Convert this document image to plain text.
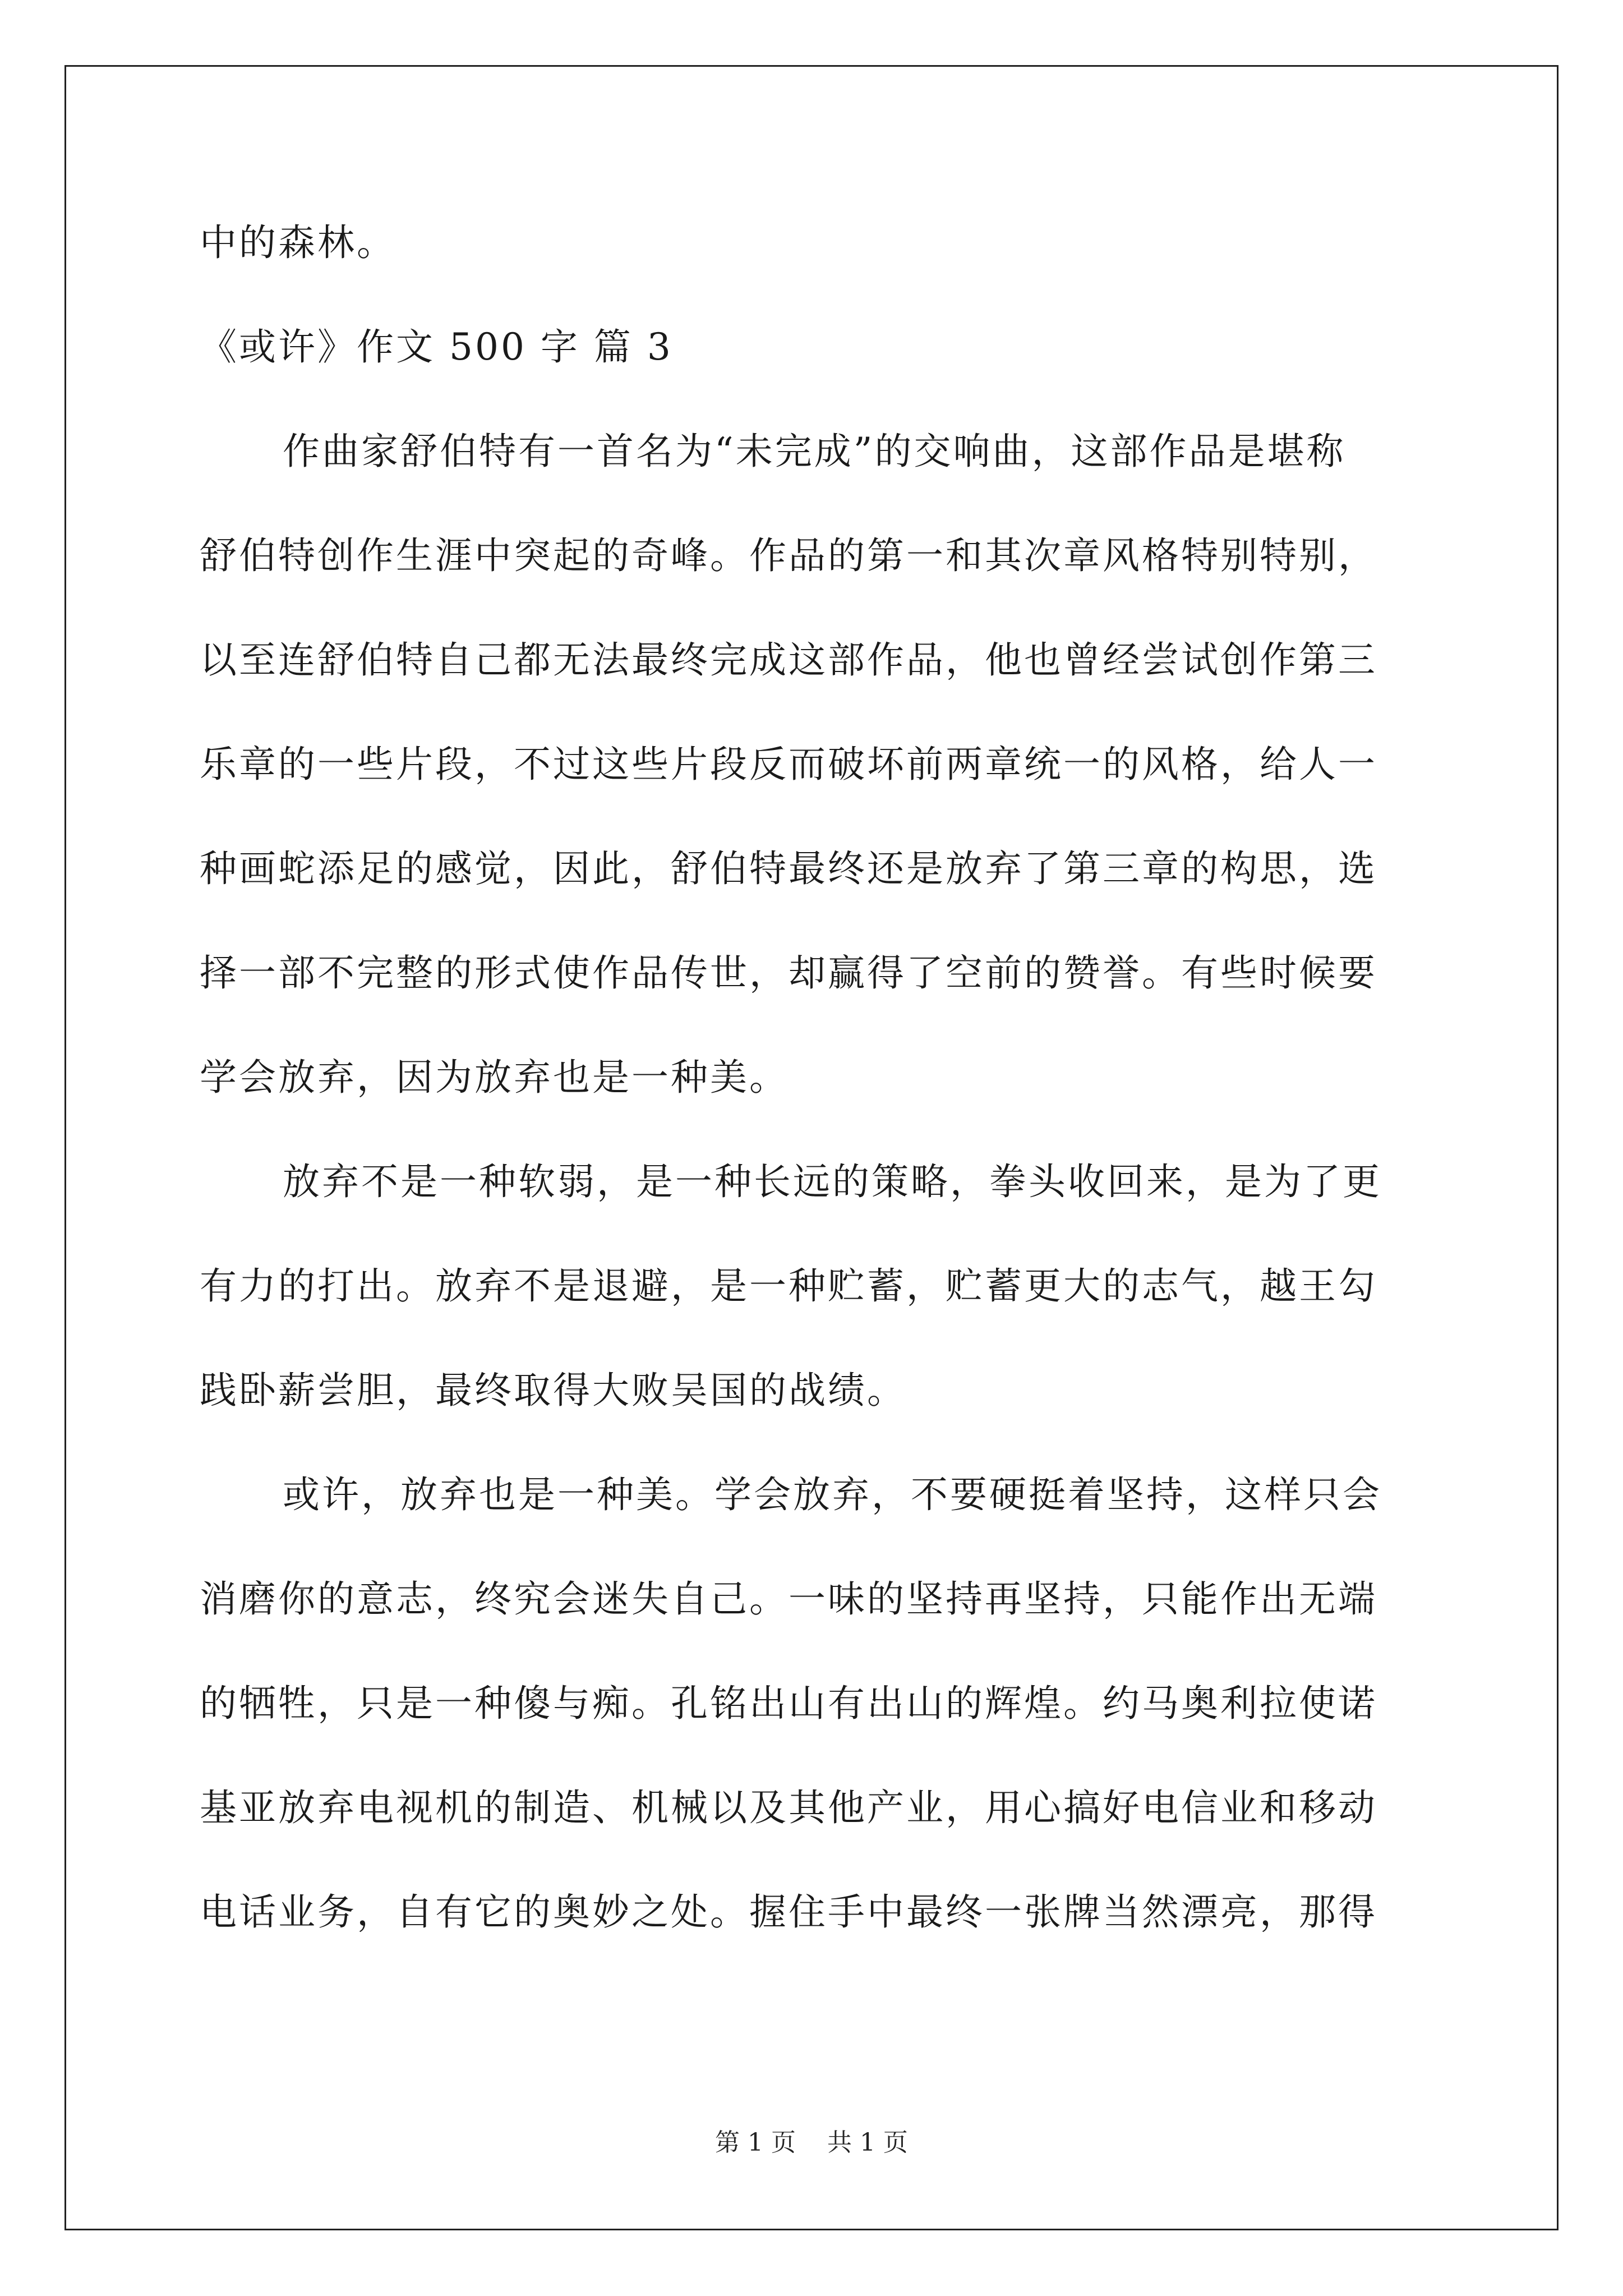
中的森林。
《或许》作文 500 字 篇 3
作曲家舒伯特有一首名为“未完成”的交响曲，这部作品是堪称
舒伯特创作生涯中突起的奇峰。作品的第一和其次章风格特别特别，
以至连舒伯特自己都无法最终完成这部作品，他也曾经尝试创作第三
乐章的一些片段，不过这些片段反而破坏前两章统一的风格，给人一
种画蛇添足的感觉，因此，舒伯特最终还是放弃了第三章的构思，选
择一部不完整的形式使作品传世，却赢得了空前的赞誉。有些时候要
学会放弃，因为放弃也是一种美。
放弃不是一种软弱，是一种长远的策略，拳头收回来，是为了更
有力的打出。放弃不是退避，是一种贮蓄，贮蓄更大的志气，越王勾
践卧薪尝胆，最终取得大败吴国的战绩。
或许，放弃也是一种美。学会放弃，不要硬挺着坚持，这样只会
消磨你的意志，终究会迷失自己。一味的坚持再坚持，只能作出无端
的牺牲，只是一种傻与痴。孔铭出山有出山的辉煌。约马奥利拉使诺
基亚放弃电视机的制造、机械以及其他产业，用心搞好电信业和移动
电话业务，自有它的奥妙之处。握住手中最终一张牌当然漂亮，那得
第 1 页    共 1 页
